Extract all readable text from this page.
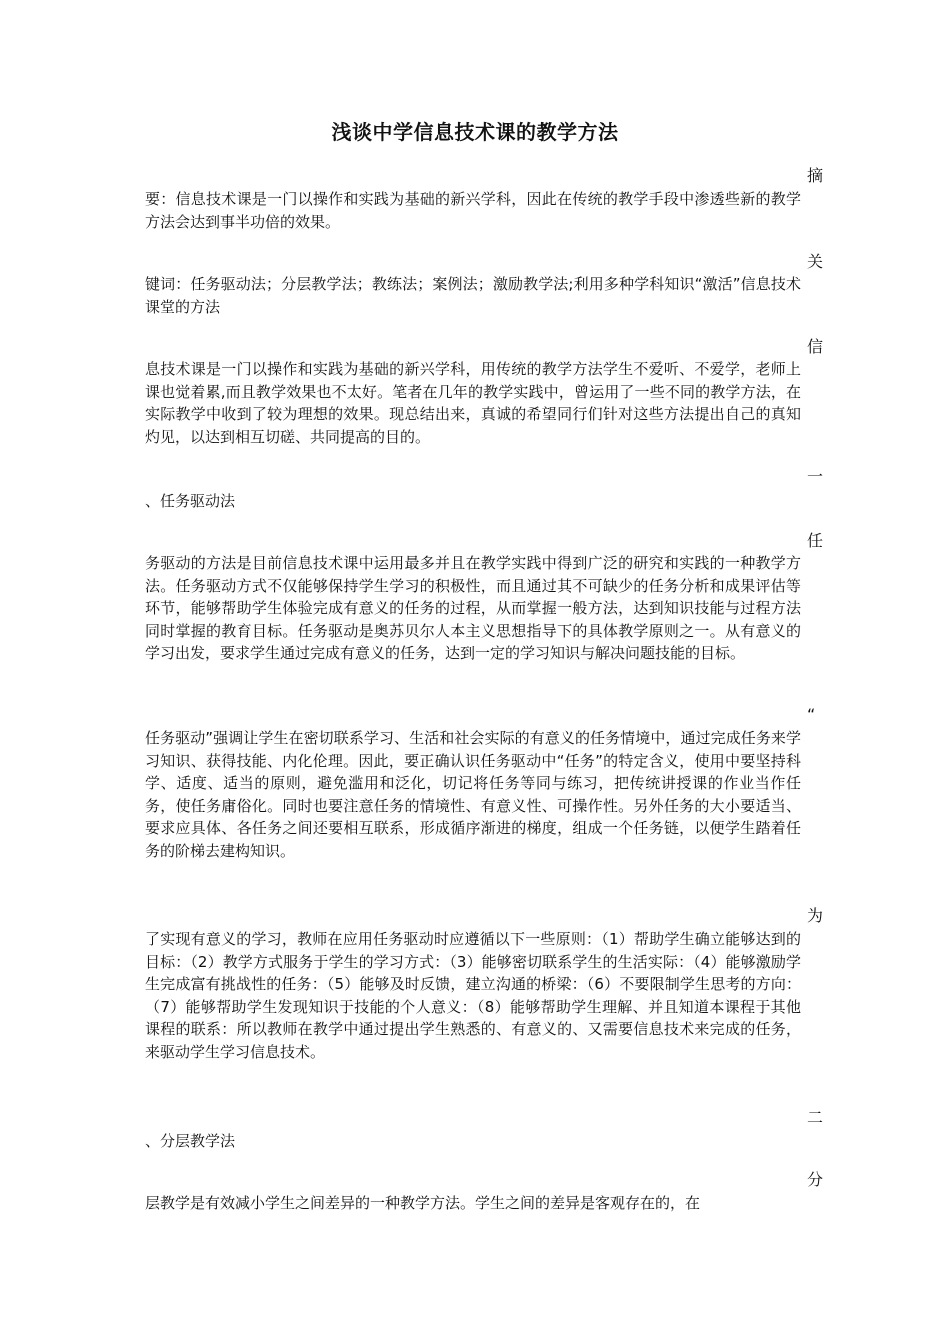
浅谈中学信息技术课的教学方法
摘

要：信息技术课是一门以操作和实践为基础的新兴学科，因此在传统的教学手段中渗透些新的教学方法会达到事半功倍的效果。

关

键词：任务驱动法；分层教学法；教练法；案例法；激励教学法;利用多种学科知识“激活”信息技术课堂的方法

信

息技术课是一门以操作和实践为基础的新兴学科，用传统的教学方法学生不爱听、不爱学，老师上课也觉着累,而且教学效果也不太好。笔者在几年的教学实践中，曾运用了一些不同的教学方法，在实际教学中收到了较为理想的效果。现总结出来，真诚的希望同行们针对这些方法提出自己的真知灼见，以达到相互切磋、共同提高的目的。

一

、任务驱动法

任

务驱动的方法是目前信息技术课中运用最多并且在教学实践中得到广泛的研究和实践的一种教学方法。任务驱动方式不仅能够保持学生学习的积极性，而且通过其不可缺少的任务分析和成果评估等环节，能够帮助学生体验完成有意义的任务的过程，从而掌握一般方法，达到知识技能与过程方法同时掌握的教育目标。任务驱动是奥苏贝尔人本主义思想指导下的具体教学原则之一。从有意义的学习出发，要求学生通过完成有意义的任务，达到一定的学习知识与解决问题技能的目标。

“

任务驱动”强调让学生在密切联系学习、生活和社会实际的有意义的任务情境中，通过完成任务来学习知识、获得技能、内化伦理。因此，要正确认识任务驱动中“任务”的特定含义，使用中要坚持科学、适度、适当的原则，避免滥用和泛化，切记将任务等同与练习，把传统讲授课的作业当作任务，使任务庸俗化。同时也要注意任务的情境性、有意义性、可操作性。另外任务的大小要适当、要求应具体、各任务之间还要相互联系，形成循序渐进的梯度，组成一个任务链，以便学生踏着任务的阶梯去建构知识。

为

了实现有意义的学习，教师在应用任务驱动时应遵循以下一些原则：（1）帮助学生确立能够达到的目标：（2）教学方式服务于学生的学习方式：（3）能够密切联系学生的生活实际：（4）能够激励学生完成富有挑战性的任务：（5）能够及时反馈，建立沟通的桥梁：（6）不要限制学生思考的方向：（7）能够帮助学生发现知识于技能的个人意义：（8）能够帮助学生理解、并且知道本课程于其他课程的联系：所以教师在教学中通过提出学生熟悉的、有意义的、又需要信息技术来完成的任务，来驱动学生学习信息技术。

二

、分层教学法

分

层教学是有效减小学生之间差异的一种教学方法。学生之间的差异是客观存在的，在
